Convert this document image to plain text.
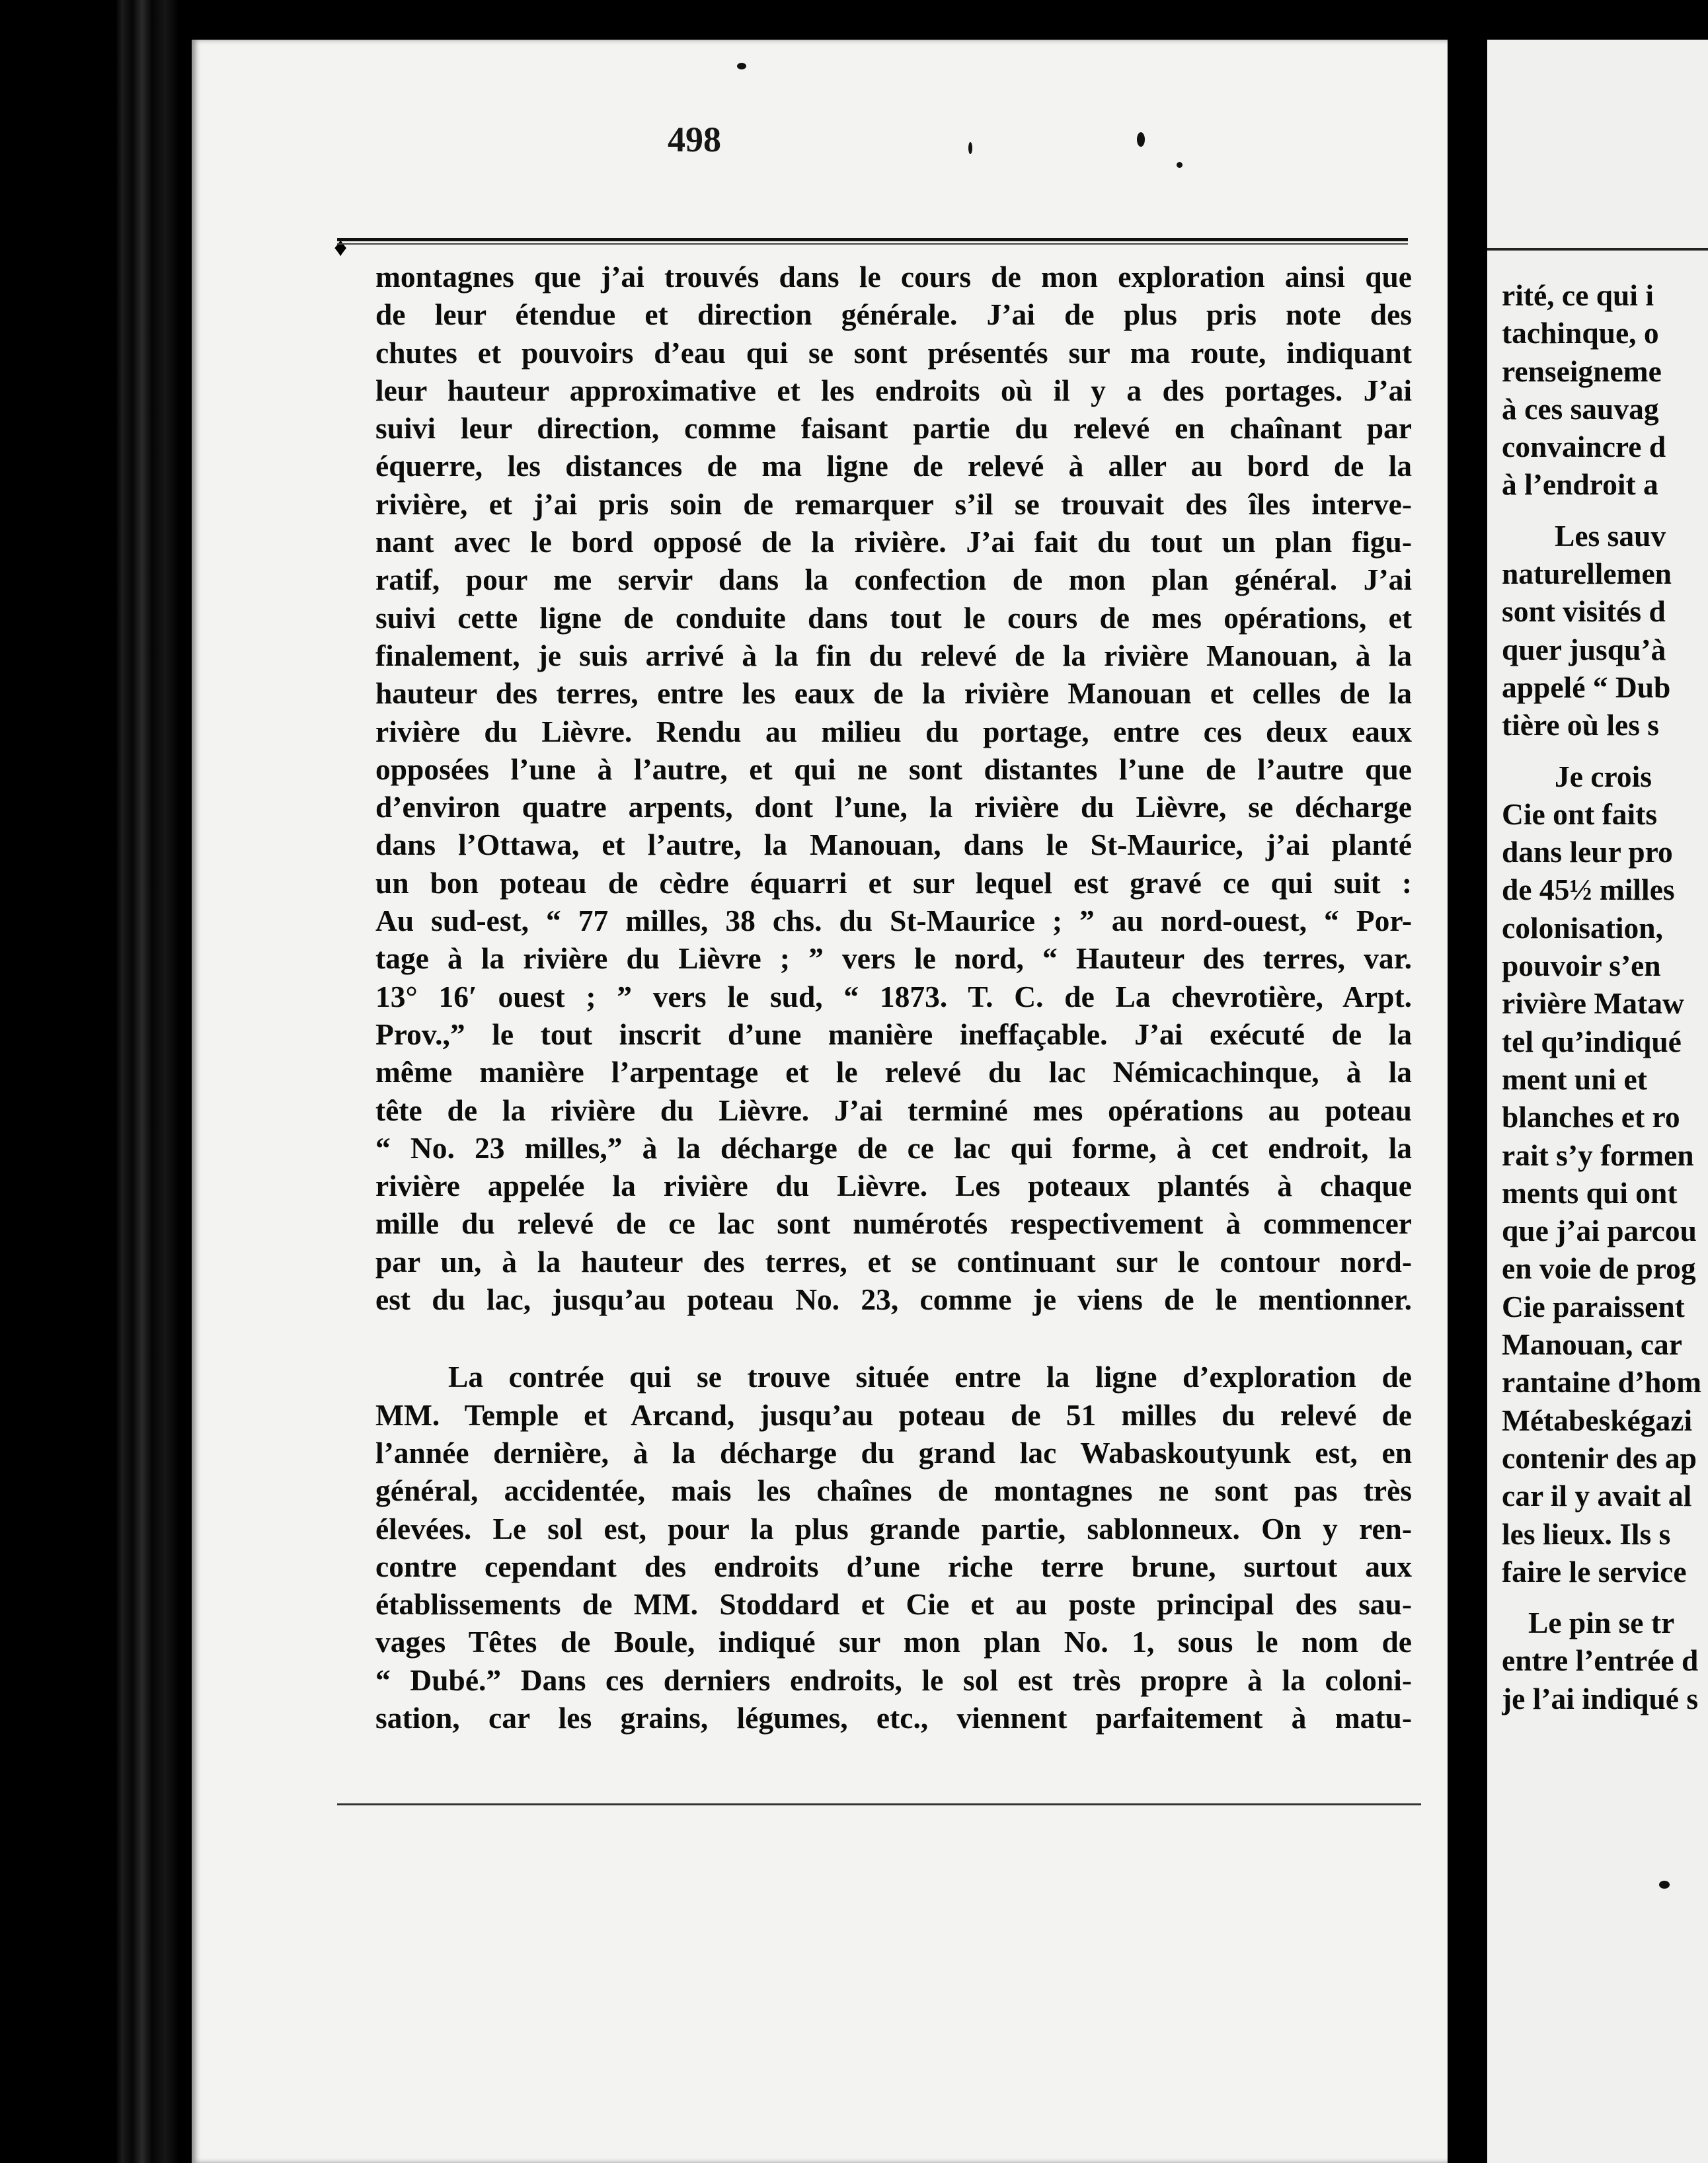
498
♦
montagnes que j’ai trouvés dans le cours de mon exploration ainsi que
de leur étendue et direction générale. J’ai de plus pris note des
chutes et pouvoirs d’eau qui se sont présentés sur ma route, indiquant
leur hauteur approximative et les endroits où il y a des portages. J’ai
suivi leur direction, comme faisant partie du relevé en chaînant par
équerre, les distances de ma ligne de relevé à aller au bord de la
rivière, et j’ai pris soin de remarquer s’il se trouvait des îles interve-
nant avec le bord opposé de la rivière. J’ai fait du tout un plan figu-
ratif, pour me servir dans la confection de mon plan général. J’ai
suivi cette ligne de conduite dans tout le cours de mes opérations, et
finalement, je suis arrivé à la fin du relevé de la rivière Manouan, à la
hauteur des terres, entre les eaux de la rivière Manouan et celles de la
rivière du Lièvre. Rendu au milieu du portage, entre ces deux eaux
opposées l’une à l’autre, et qui ne sont distantes l’une de l’autre que
d’environ quatre arpents, dont l’une, la rivière du Lièvre, se décharge
dans l’Ottawa, et l’autre, la Manouan, dans le St-Maurice, j’ai planté
un bon poteau de cèdre équarri et sur lequel est gravé ce qui suit :
Au sud-est, “ 77 milles, 38 chs. du St-Maurice ; ” au nord-ouest, “ Por-
tage à la rivière du Lièvre ; ” vers le nord, “ Hauteur des terres, var.
13° 16′ ouest ; ” vers le sud, “ 1873. T. C. de La chevrotière, Arpt.
Prov.,” le tout inscrit d’une manière ineffaçable. J’ai exécuté de la
même manière l’arpentage et le relevé du lac Némicachinque, à la
tête de la rivière du Lièvre. J’ai terminé mes opérations au poteau
“ No. 23 milles,” à la décharge de ce lac qui forme, à cet endroit, la
rivière appelée la rivière du Lièvre. Les poteaux plantés à chaque
mille du relevé de ce lac sont numérotés respectivement à commencer
par un, à la hauteur des terres, et se continuant sur le contour nord-
est du lac, jusqu’au poteau No. 23, comme je viens de le mentionner.
La contrée qui se trouve située entre la ligne d’exploration de
MM. Temple et Arcand, jusqu’au poteau de 51 milles du relevé de
l’année dernière, à la décharge du grand lac Wabaskoutyunk est, en
général, accidentée, mais les chaînes de montagnes ne sont pas très
élevées. Le sol est, pour la plus grande partie, sablonneux. On y ren-
contre cependant des endroits d’une riche terre brune, surtout aux
établissements de MM. Stoddard et Cie et au poste principal des sau-
vages Têtes de Boule, indiqué sur mon plan No. 1, sous le nom de
“ Dubé.” Dans ces derniers endroits, le sol est très propre à la coloni-
sation, car les grains, légumes, etc., viennent parfaitement à matu-
rité, ce qui i
tachinque, o
renseigneme
à ces sauvag
convaincre d
à l’endroit a
Les sauv
naturellemen
sont visités d
quer jusqu’à
appelé “ Dub
tière où les s
Je crois
Cie ont faits
dans leur pro
de 45½ milles
colonisation,
pouvoir s’en
rivière Mataw
tel qu’indiqué
ment uni et
blanches et ro
rait s’y formen
ments qui ont
que j’ai parcou
en voie de prog
Cie paraissent
Manouan, car
rantaine d’hom
Métabeskégazi
contenir des ap
car il y avait al
les lieux. Ils s
faire le service
Le pin se tr
entre l’entrée d
je l’ai indiqué s
